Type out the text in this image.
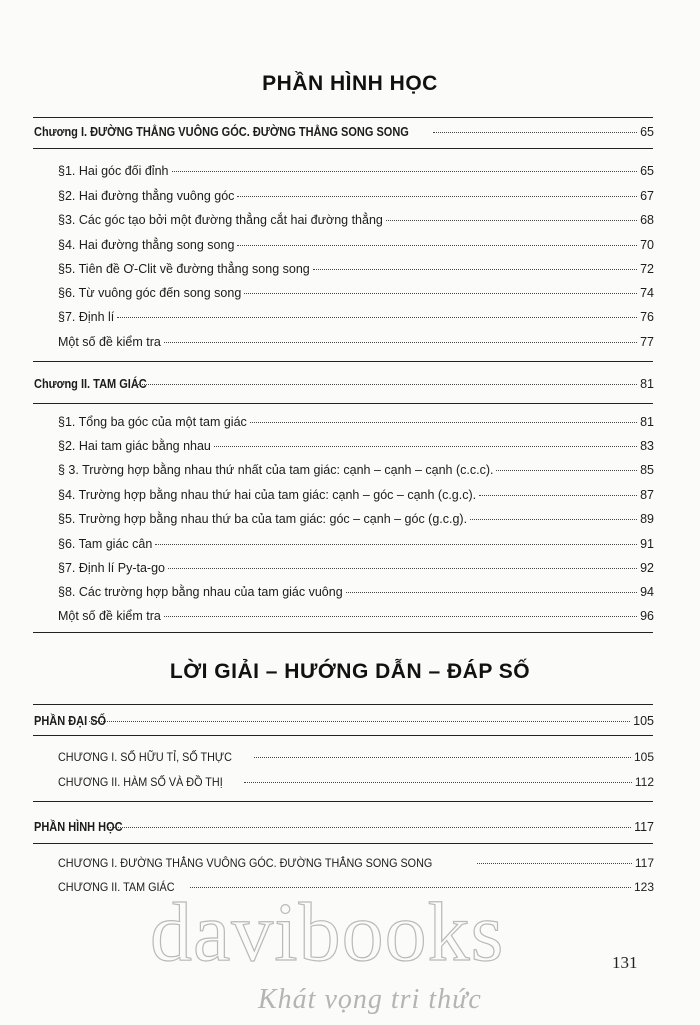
PHẦN HÌNH HỌC
Chương I. ĐƯỜNG THẲNG VUÔNG GÓC. ĐƯỜNG THẲNG SONG SONG	65
§1. Hai góc đối đỉnh	65
§2. Hai đường thẳng vuông góc	67
§3. Các góc tạo bởi một đường thẳng cắt hai đường thẳng	68
§4. Hai đường thẳng song song	70
§5. Tiên đề Ơ-Clit về đường thẳng song song	72
§6. Từ vuông góc đến song song	74
§7. Định lí	76
Một số đề kiểm tra	77
Chương II. TAM GIÁC	81
§1. Tổng ba góc của một tam giác	81
§2. Hai tam giác bằng nhau	83
§ 3. Trường hợp bằng nhau thứ nhất của tam giác: cạnh – cạnh – cạnh (c.c.c).	85
§4. Trường hợp bằng nhau thứ hai của tam giác: cạnh – góc – cạnh (c.g.c).	87
§5. Trường hợp bằng nhau thứ ba của tam giác: góc – cạnh – góc (g.c.g).	89
§6. Tam giác cân	91
§7. Định lí Py-ta-go	92
§8. Các trường hợp bằng nhau của tam giác vuông	94
Một số đề kiểm tra	96
LỜI GIẢI – HƯỚNG DẪN – ĐÁP SỐ
PHẦN ĐẠI SỐ	105
CHƯƠNG I. SỐ HỮU TỈ, SỐ THỰC	105
CHƯƠNG II. HÀM SỐ VÀ ĐỒ THỊ	112
PHẦN HÌNH HỌC	117
CHƯƠNG I. ĐƯỜNG THẲNG VUÔNG GÓC. ĐƯỜNG THẲNG SONG SONG	117
CHƯƠNG II. TAM GIÁC	123
davibooks
Khát vọng tri thức
131
